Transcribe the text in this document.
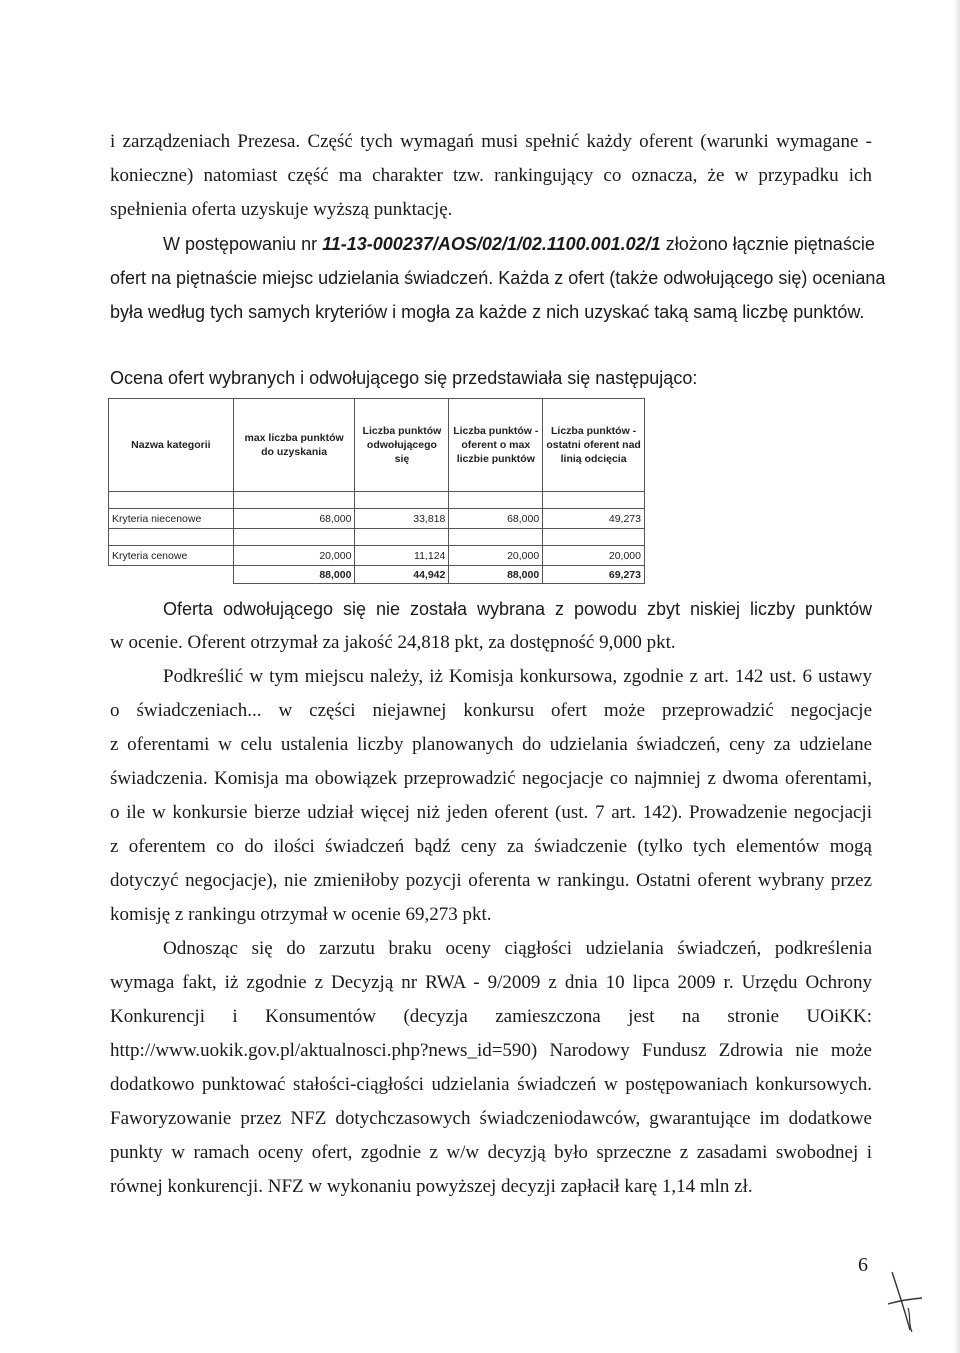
i zarządzeniach Prezesa. Część tych wymagań musi spełnić każdy oferent (warunki wymagane -
konieczne) natomiast część ma charakter tzw. rankingujący co oznacza, że w przypadku ich
spełnienia oferta uzyskuje wyższą punktację.
W postępowaniu nr 11-13-000237/AOS/02/1/02.1100.001.02/1 złożono łącznie piętnaście
ofert na piętnaście miejsc udzielania świadczeń. Każda z ofert (także odwołującego się) oceniana
była według tych samych kryteriów i mogła za każde z nich uzyskać taką samą liczbę punktów.
Ocena ofert wybranych i odwołującego się przedstawiała się następująco:
Nazwa kategorii	max liczba punktów do uzyskania	Liczba punktów odwołującego się	Liczba punktów - oferent o max liczbie punktów	Liczba punktów - ostatni oferent nad linią odcięcia

Kryteria niecenowe	68,000	33,818	68,000	49,273

Kryteria cenowe	20,000	11,124	20,000	20,000
	88,000	44,942	88,000	69,273
Oferta odwołującego się nie została wybrana z powodu zbyt niskiej liczby punktów
w ocenie. Oferent otrzymał za jakość 24,818 pkt, za dostępność 9,000 pkt.
Podkreślić w tym miejscu należy, iż Komisja konkursowa, zgodnie z art. 142 ust. 6 ustawy
o świadczeniach... w części niejawnej konkursu ofert może przeprowadzić negocjacje
z oferentami w celu ustalenia liczby planowanych do udzielania świadczeń, ceny za udzielane
świadczenia. Komisja ma obowiązek przeprowadzić negocjacje co najmniej z dwoma oferentami,
o ile w konkursie bierze udział więcej niż jeden oferent (ust. 7 art. 142). Prowadzenie negocjacji
z oferentem co do ilości świadczeń bądź ceny za świadczenie (tylko tych elementów mogą
dotyczyć negocjacje), nie zmieniłoby pozycji oferenta w rankingu. Ostatni oferent wybrany przez
komisję z rankingu otrzymał w ocenie 69,273 pkt.
Odnosząc się do zarzutu braku oceny ciągłości udzielania świadczeń, podkreślenia
wymaga fakt, iż zgodnie z Decyzją nr RWA - 9/2009 z dnia 10 lipca 2009 r. Urzędu Ochrony
Konkurencji i Konsumentów (decyzja zamieszczona jest na stronie UOiKK:
http://www.uokik.gov.pl/aktualnosci.php?news_id=590) Narodowy Fundusz Zdrowia nie może
dodatkowo punktować stałości-ciągłości udzielania świadczeń w postępowaniach konkursowych.
Faworyzowanie przez NFZ dotychczasowych świadczeniodawców, gwarantujące im dodatkowe
punkty w ramach oceny ofert, zgodnie z w/w decyzją było sprzeczne z zasadami swobodnej i
równej konkurencji. NFZ w wykonaniu powyższej decyzji zapłacił karę 1,14 mln zł.
6
